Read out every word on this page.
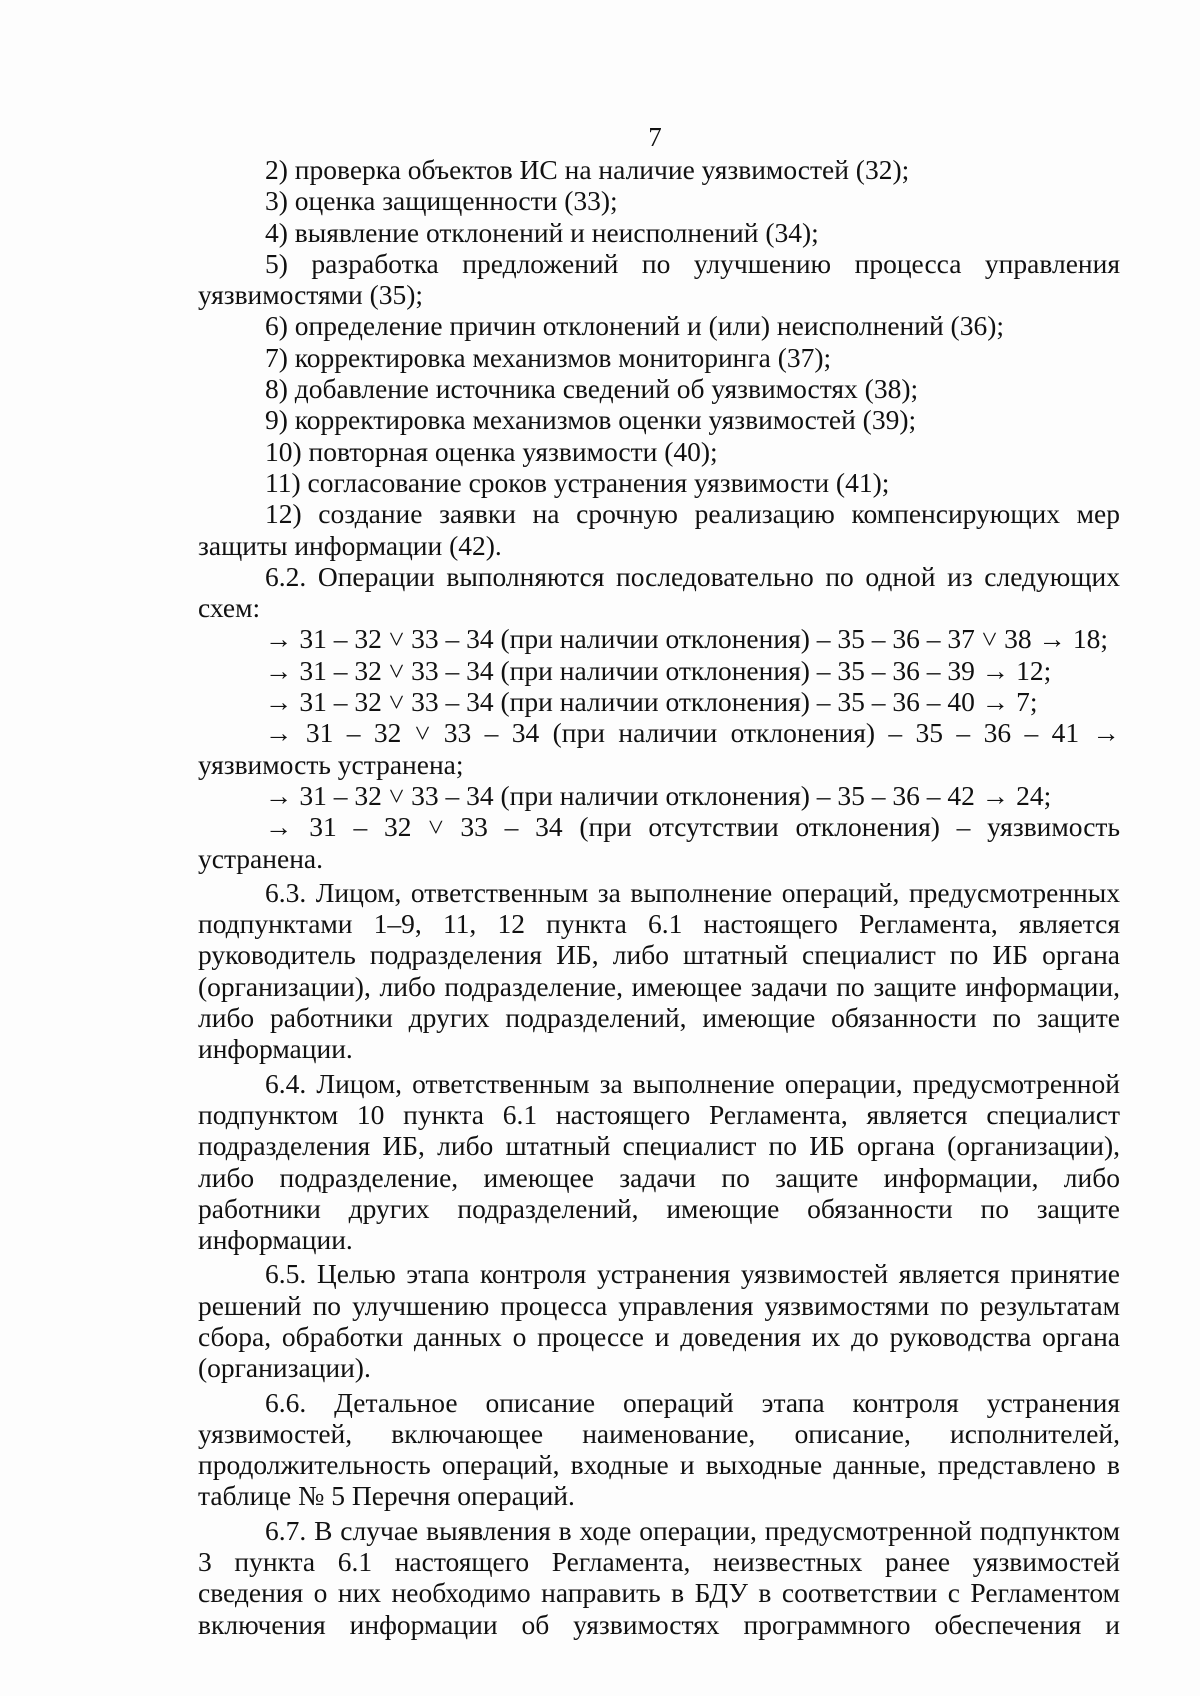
7

2) проверка объектов ИС на наличие уязвимостей (32);

3) оценка защищенности (33);

4) выявление отклонений и неисполнений (34);

5) разработка предложений по улучшению процесса управления уязвимостями (35);

6) определение причин отклонений и (или) неисполнений (36);

7) корректировка механизмов мониторинга (37);

8) добавление источника сведений об уязвимостях (38);

9) корректировка механизмов оценки уязвимостей (39);

10) повторная оценка уязвимости (40);

11) согласование сроков устранения уязвимости (41);

12) создание заявки на срочную реализацию компенсирующих мер защиты информации (42).

6.2. Операции выполняются последовательно по одной из следующих схем:

→ 31 – 32 ˅ 33 – 34 (при наличии отклонения) – 35 – 36 – 37 ˅ 38 → 18;

→ 31 – 32 ˅ 33 – 34 (при наличии отклонения) – 35 – 36 – 39 → 12;

→ 31 – 32 ˅ 33 – 34 (при наличии отклонения) – 35 – 36 – 40 → 7;

→ 31 – 32 ˅ 33 – 34 (при наличии отклонения) – 35 – 36 – 41 → уязвимость устранена;

→ 31 – 32 ˅ 33 – 34 (при наличии отклонения) – 35 – 36 – 42 → 24;

→ 31 – 32 ˅ 33 – 34 (при отсутствии отклонения) – уязвимость устранена.

6.3. Лицом, ответственным за выполнение операций, предусмотренных подпунктами 1–9, 11, 12 пункта 6.1 настоящего Регламента, является руководитель подразделения ИБ, либо штатный специалист по ИБ органа (организации), либо подразделение, имеющее задачи по защите информации, либо работники других подразделений, имеющие обязанности по защите информации.

6.4. Лицом, ответственным за выполнение операции, предусмотренной подпунктом 10 пункта 6.1 настоящего Регламента, является специалист подразделения ИБ, либо штатный специалист по ИБ органа (организации), либо подразделение, имеющее задачи по защите информации, либо работники других подразделений, имеющие обязанности по защите информации.

6.5. Целью этапа контроля устранения уязвимостей является принятие решений по улучшению процесса управления уязвимостями по результатам сбора, обработки данных о процессе и доведения их до руководства органа (организации).

6.6. Детальное описание операций этапа контроля устранения уязвимостей, включающее наименование, описание, исполнителей, продолжительность операций, входные и выходные данные, представлено в таблице № 5 Перечня операций.

6.7. В случае выявления в ходе операции, предусмотренной подпунктом 3 пункта 6.1 настоящего Регламента, неизвестных ранее уязвимостей сведения о них необходимо направить в БДУ в соответствии с Регламентом включения информации об уязвимостях программного обеспечения и
